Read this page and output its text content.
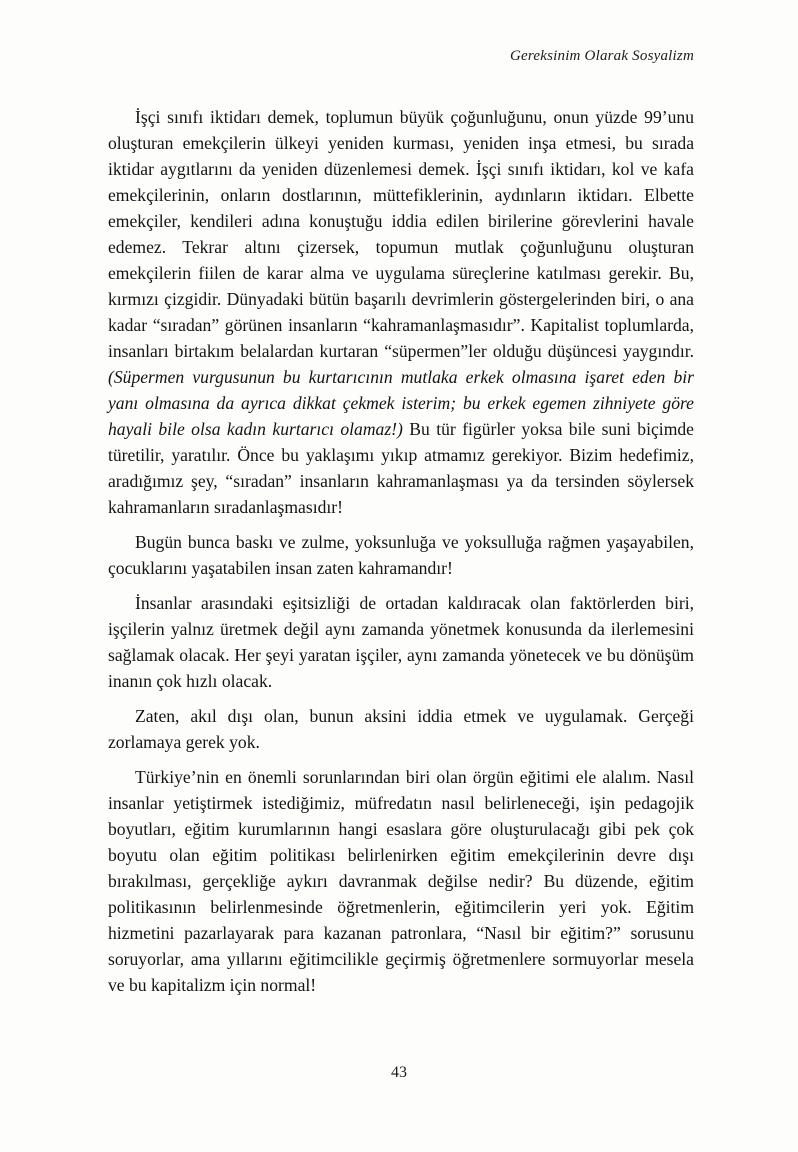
Gereksinim Olarak Sosyalizm

İşçi sınıfı iktidarı demek, toplumun büyük çoğunluğunu, onun yüzde 99’unu oluşturan emekçilerin ülkeyi yeniden kurması, yeniden inşa etmesi, bu sırada iktidar aygıtlarını da yeniden düzenlemesi demek. İşçi sınıfı iktidarı, kol ve kafa emekçilerinin, onların dostlarının, müttefiklerinin, aydınların iktidarı. Elbette emekçiler, kendileri adına konuştuğu iddia edilen birilerine görevlerini havale edemez. Tekrar altını çizersek, topumun mutlak çoğunluğunu oluşturan emekçilerin fiilen de karar alma ve uygulama süreçlerine katılması gerekir. Bu, kırmızı çizgidir. Dünyadaki bütün başarılı devrimlerin göstergelerinden biri, o ana kadar “sıradan” görünen insanların “kahramanlaşmasıdır”. Kapitalist toplumlarda, insanları birtakım belalardan kurtaran “süpermen”ler olduğu düşüncesi yaygındır. (Süpermen vurgusunun bu kurtarıcının mutlaka erkek olmasına işaret eden bir yanı olmasına da ayrıca dikkat çekmek isterim; bu erkek egemen zihniyete göre hayali bile olsa kadın kurtarıcı olamaz!) Bu tür figürler yoksa bile suni biçimde türetilir, yaratılır. Önce bu yaklaşımı yıkıp atmamız gerekiyor. Bizim hedefimiz, aradığımız şey, “sıradan” insanların kahramanlaşması ya da tersinden söylersek kahramanların sıradanlaşmasıdır!

Bugün bunca baskı ve zulme, yoksunluğa ve yoksulluğa rağmen yaşayabilen, çocuklarını yaşatabilen insan zaten kahramandır!

İnsanlar arasındaki eşitsizliği de ortadan kaldıracak olan faktörlerden biri, işçilerin yalnız üretmek değil aynı zamanda yönetmek konusunda da ilerlemesini sağlamak olacak. Her şeyi yaratan işçiler, aynı zamanda yönetecek ve bu dönüşüm inanın çok hızlı olacak.

Zaten, akıl dışı olan, bunun aksini iddia etmek ve uygulamak. Gerçeği zorlamaya gerek yok.

Türkiye’nin en önemli sorunlarından biri olan örgün eğitimi ele alalım. Nasıl insanlar yetiştirmek istediğimiz, müfredatın nasıl belirleneceği, işin pedagojik boyutları, eğitim kurumlarının hangi esaslara göre oluşturulacağı gibi pek çok boyutu olan eğitim politikası belirlenirken eğitim emekçilerinin devre dışı bırakılması, gerçekliğe aykırı davranmak değilse nedir? Bu düzende, eğitim politikasının belirlenmesinde öğretmenlerin, eğitimcilerin yeri yok. Eğitim hizmetini pazarlayarak para kazanan patronlara, “Nasıl bir eğitim?” sorusunu soruyorlar, ama yıllarını eğitimcilikle geçirmiş öğretmenlere sormuyorlar mesela ve bu kapitalizm için normal!

43
